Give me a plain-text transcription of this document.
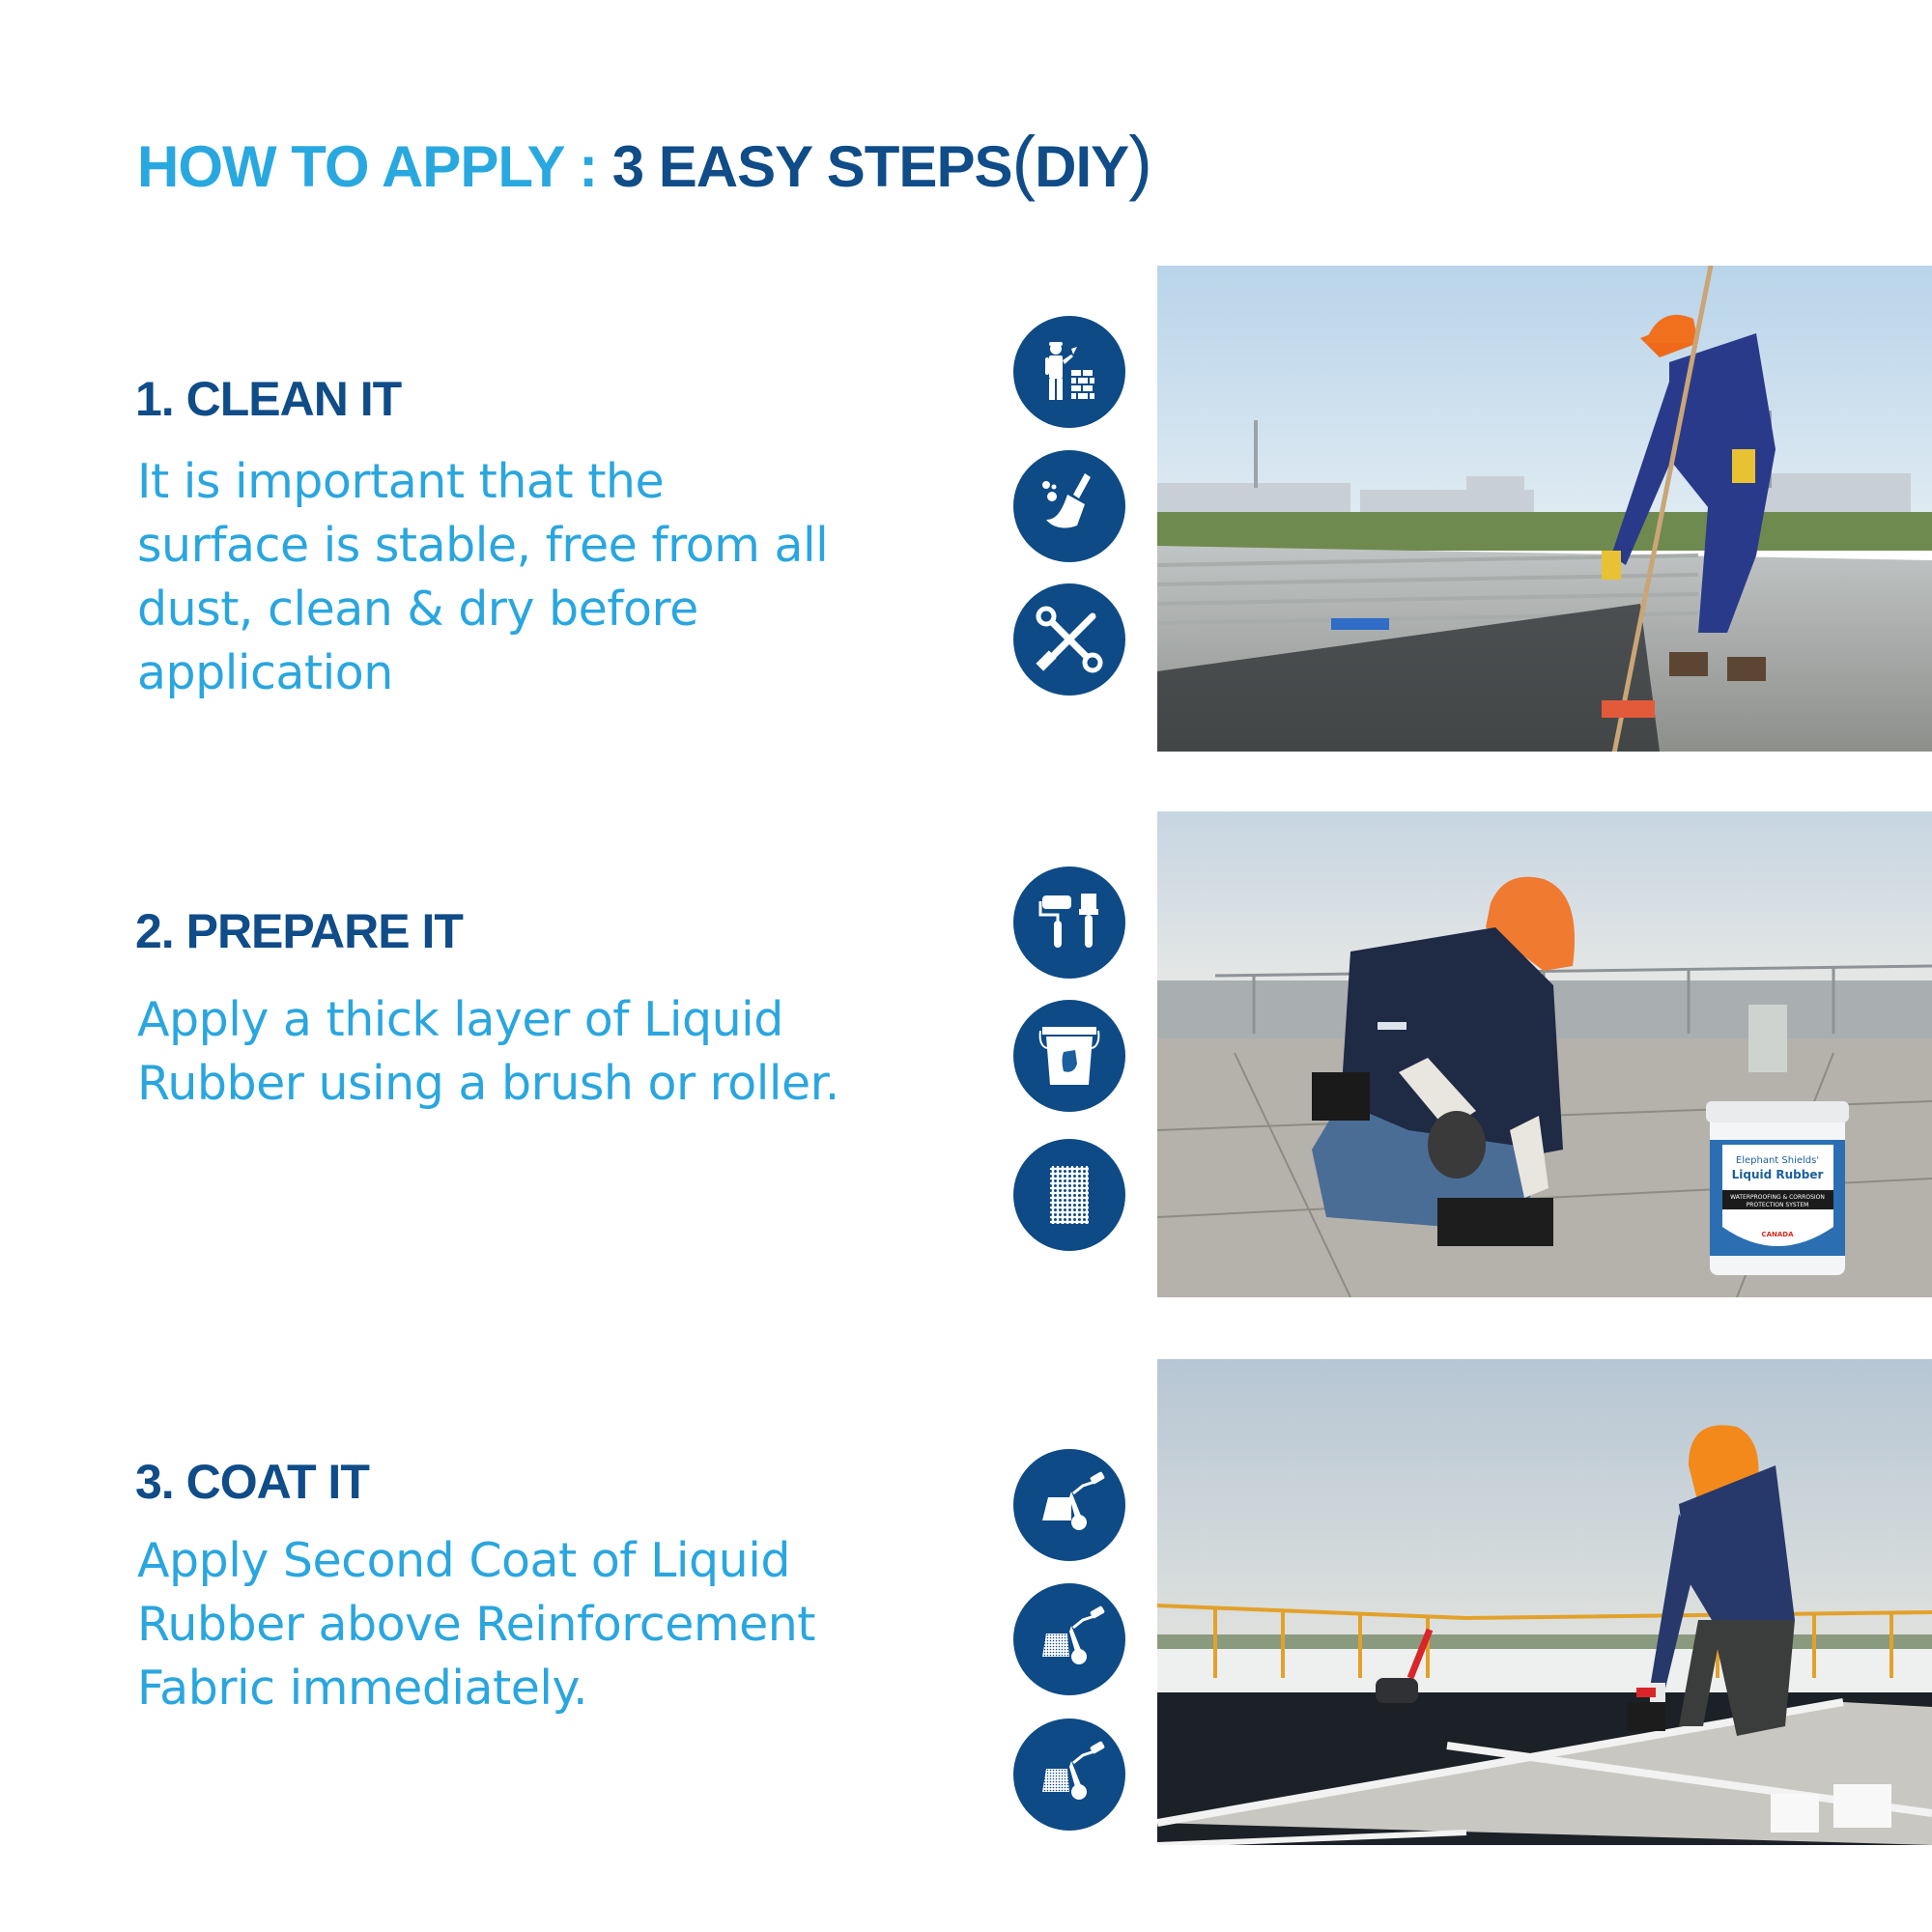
HOW TO APPLY : 3 EASY STEPS(DIY)
1. CLEAN IT
It is important that the
surface is stable, free from all
dust, clean & dry before
application
2. PREPARE IT
Apply a thick layer of Liquid
Rubber using a brush or roller.
3. COAT IT
Apply Second Coat of Liquid
Rubber above Reinforcement
Fabric immediately.
Elephant Shields'
Liquid Rubber
WATERPROOFING & CORROSION
PROTECTION SYSTEM
CANADA
